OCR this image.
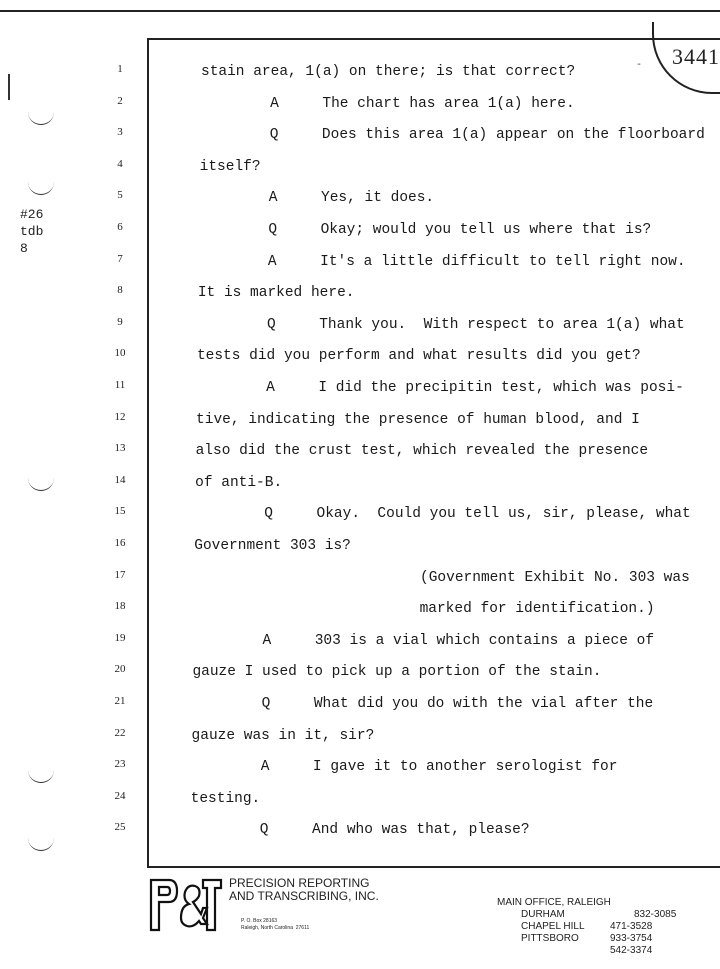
3441
-
#26
tdb
8
1
2
3
4
5
6
7
8
9
10
11
12
13
14
15
16
17
18
19
20
21
22
23
24
25
stain area, 1(a) on there; is that correct?
A     The chart has area 1(a) here.
Q     Does this area 1(a) appear on the floorboard
itself?
A     Yes, it does.
Q     Okay; would you tell us where that is?
A     It's a little difficult to tell right now.
It is marked here.
Q     Thank you.  With respect to area 1(a) what
tests did you perform and what results did you get?
A     I did the precipitin test, which was posi-
tive, indicating the presence of human blood, and I
also did the crust test, which revealed the presence
of anti-B.
Q     Okay.  Could you tell us, sir, please, what
Government 303 is?
(Government Exhibit No. 303 was
marked for identification.)
A     303 is a vial which contains a piece of
gauze I used to pick up a portion of the stain.
Q     What did you do with the vial after the
gauze was in it, sir?
A     I gave it to another serologist for
testing.
Q     And who was that, please?
PRECISION REPORTING
AND TRANSCRIBING, INC.
P. O. Box 28163
Raleigh, North Carolina  27611

MAIN OFFICE, RALEIGH

832-3085

DURHAM

471-3528

CHAPEL HILL

933-3754

PITTSBORO

542-3374
